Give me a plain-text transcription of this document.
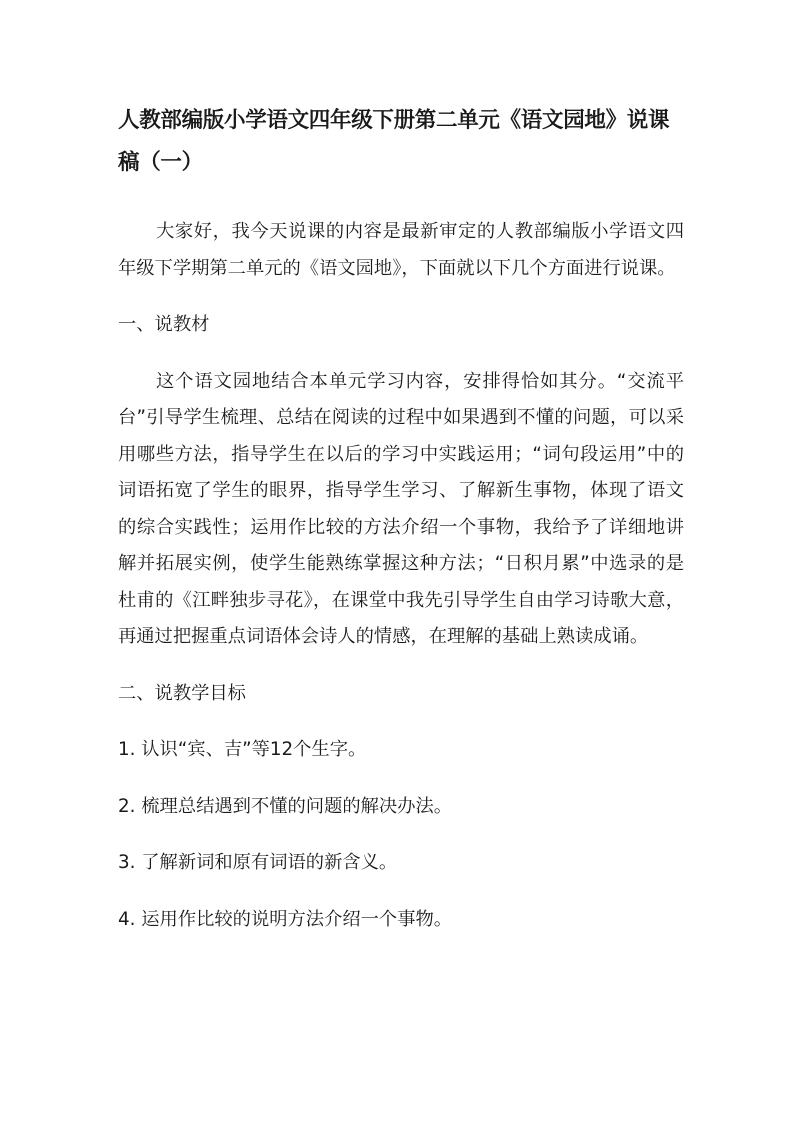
人教部编版小学语文四年级下册第二单元《语文园地》说课稿（一）

大家好，我今天说课的内容是最新审定的人教部编版小学语文四年级下学期第二单元的《语文园地》，下面就以下几个方面进行说课。

一、说教材

这个语文园地结合本单元学习内容，安排得恰如其分。“交流平台”引导学生梳理、总结在阅读的过程中如果遇到不懂的问题，可以采用哪些方法，指导学生在以后的学习中实践运用；“词句段运用”中的词语拓宽了学生的眼界，指导学生学习、了解新生事物，体现了语文的综合实践性；运用作比较的方法介绍一个事物，我给予了详细地讲解并拓展实例，使学生能熟练掌握这种方法；“日积月累”中选录的是杜甫的《江畔独步寻花》，在课堂中我先引导学生自由学习诗歌大意，再通过把握重点词语体会诗人的情感，在理解的基础上熟读成诵。

二、说教学目标

1. 认识“宾、吉”等12个生字。

2. 梳理总结遇到不懂的问题的解决办法。

3. 了解新词和原有词语的新含义。

4. 运用作比较的说明方法介绍一个事物。
